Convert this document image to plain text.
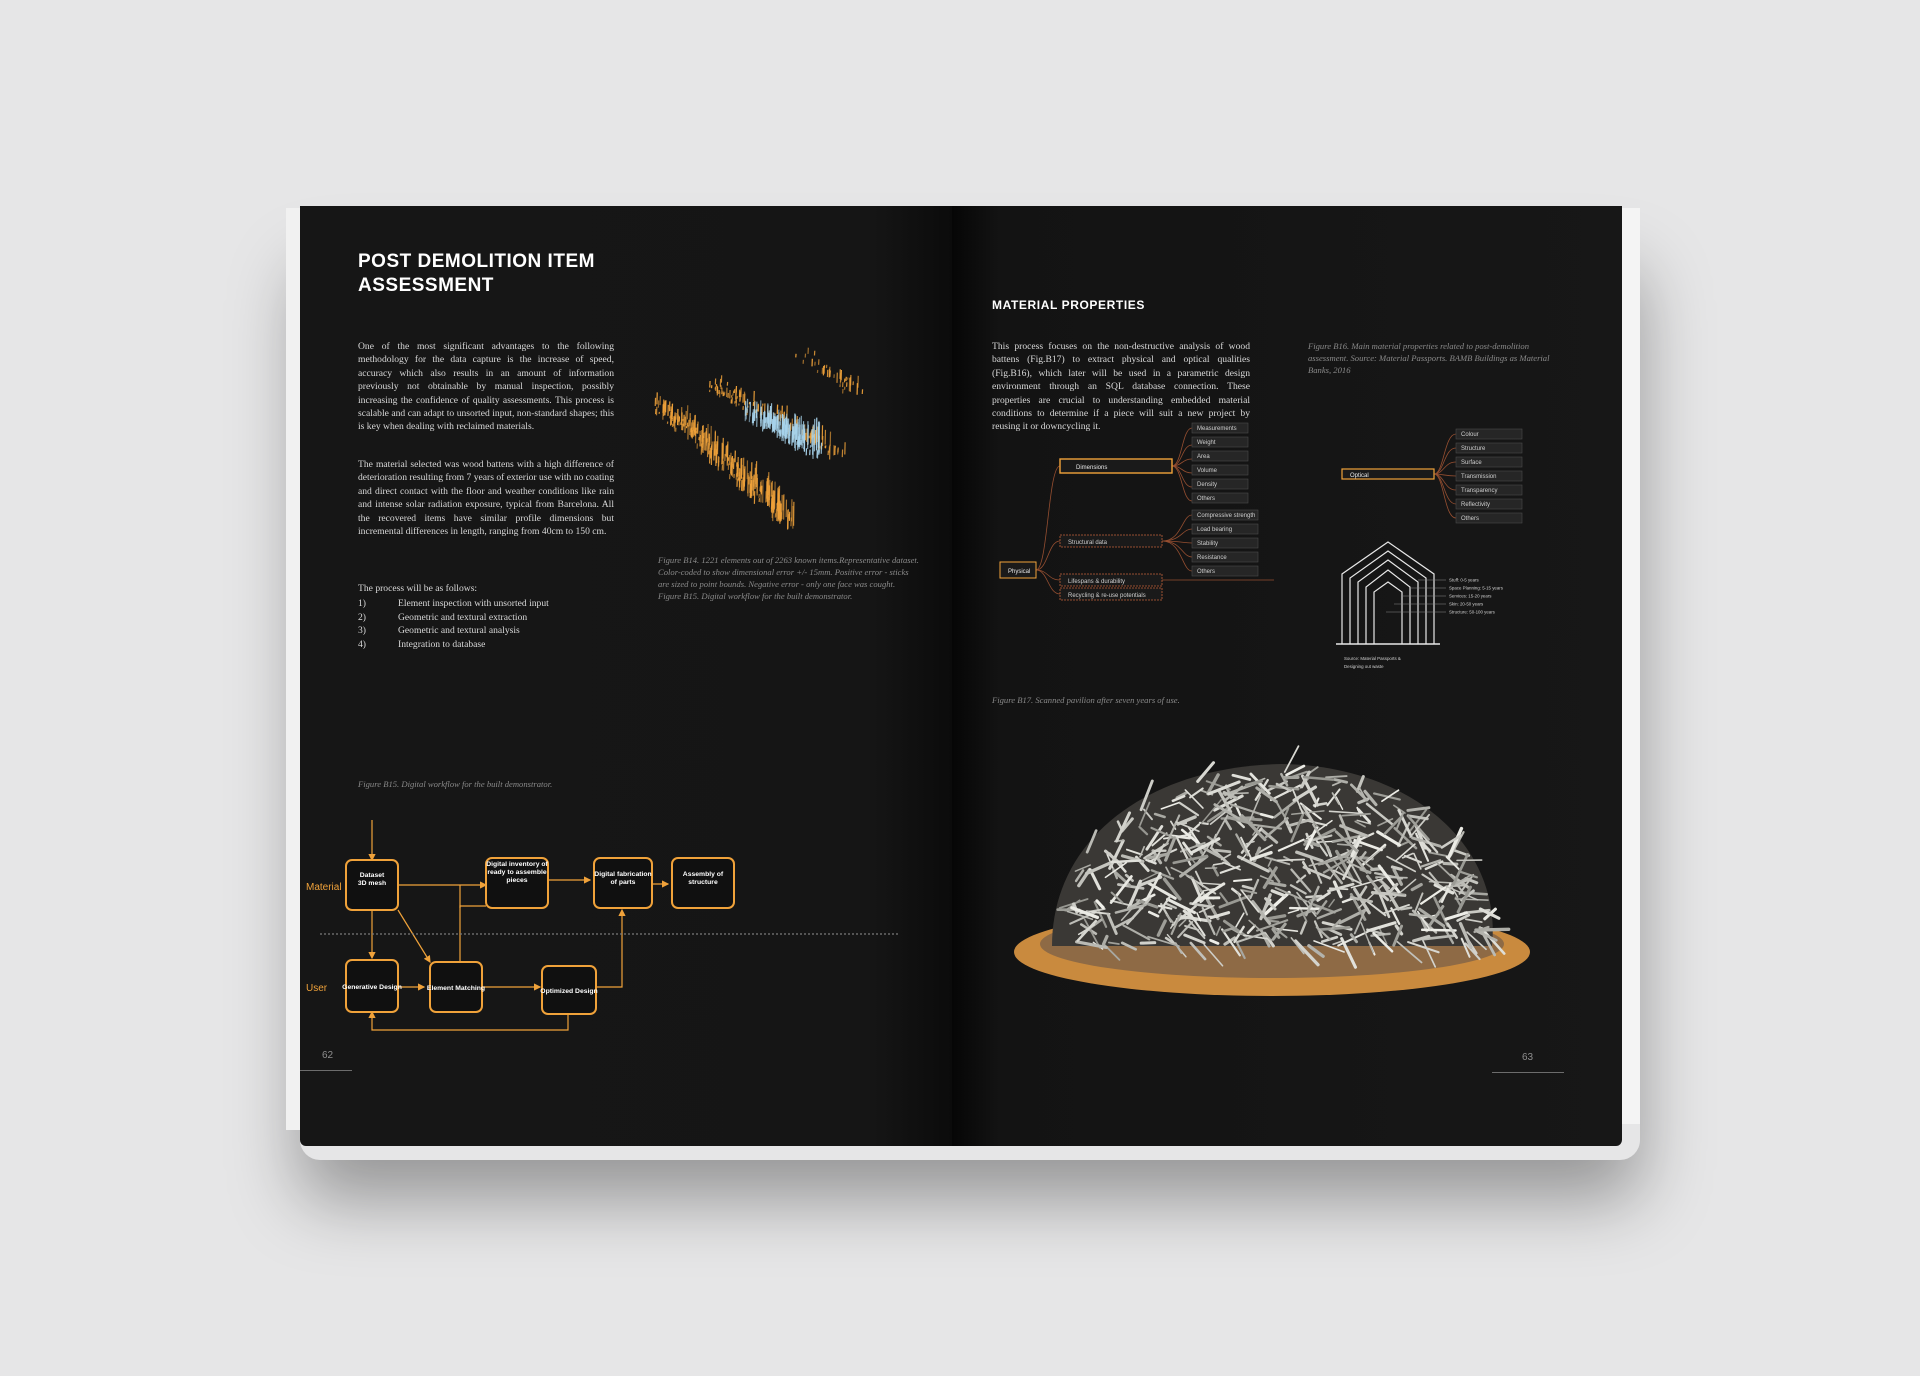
POST DEMOLITION ITEM
ASSESSMENT

One of the most significant advantages to the following methodology for the data capture is the increase of speed, accuracy which also results in an amount of information previously not obtainable by manual inspection, possibly increasing the confidence of quality assessments. This process is scalable and can adapt to unsorted input, non-standard shapes; this is key when dealing with reclaimed materials.

The material selected was wood battens with a high difference of deterioration resulting from 7 years of exterior use with no coating and direct contact with the floor and weather conditions like rain and intense solar radiation exposure, typical from Barcelona. All the recovered items have similar profile dimensions but incremental differences in length, ranging from 40cm to 150 cm.

The process will be as follows:
1)	Element inspection with unsorted input
2)	Geometric and textural extraction
3)	Geometric and textural analysis
4)	Integration to database

Figure B14. 1221 elements out of 2263 known items.Representative dataset. Color-coded to show dimensional error +/- 15mm. Positive error - sticks are sized to point bounds. Negative error - only one face was cought. Figure B15. Digital workflow for the built demonstrator.

Figure B15. Digital workflow for the built demonstrator.

Material
User
Dataset 3D mesh
Digital inventory of ready to assemble pieces
Digital fabrication of parts
Assembly of structure
Generative Design	Element Matching	Optimized Design
62
MATERIAL PROPERTIES

This process focuses on the non-destructive analysis of wood battens (Fig.B17) to extract physical and optical qualities (Fig.B16), which later will be used in a parametric design environment through an SQL database connection. These properties are crucial to understanding embedded material conditions to determine if a piece will suit a new project by reusing it or downcycling it.

Figure B16. Main material properties related to post-demolition assessment. Source: Material Passports. BAMB Buildings as Material Banks, 2016

Physical
Dimensions
Structural data
Lifespans & durability
Recycling & re-use potentials
Measurements
Weight
Area
Volume
Density
Others
Compressive strength
Load bearing
Stability
Resistance
Others
Optical
Colour
Structure
Surface
Transmission
Transparency
Reflectivity
Others
Stuff: 0-5 years
Space Planning: 5-15 years
Services: 15-20 years
Skin: 20-50 years
Structure: 50-100 years
Source: Material Passports & Designing out waste

Figure B17. Scanned pavilion after seven years of use.

63
